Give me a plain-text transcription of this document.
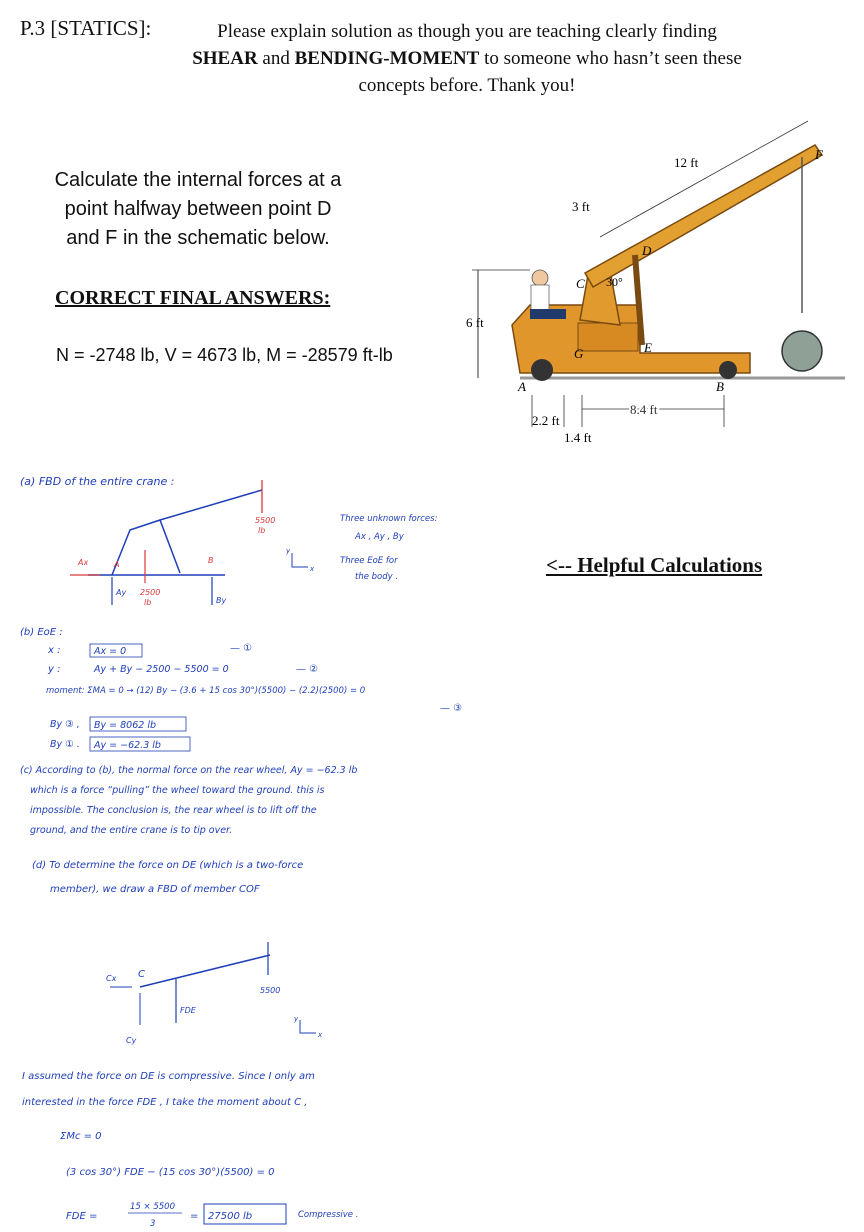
P.3 [STATICS]:	Please explain solution as though you are teaching clearly finding
SHEAR and BENDING-MOMENT to someone who hasn’t seen these
concepts before. Thank you!
Calculate the internal forces at a
point halfway between point D
and F in the schematic below.
CORRECT FINAL ANSWERS:
N = -2748 lb, V = 4673 lb, M = -28579 ft-lb
<-- Helpful Calculations
6 ft
12 ft
3 ft
F
D
C
E
G
A	B
30°
2.2 ft
1.4 ft
8.4 ft
(a) FBD of the entire crane :
5500
lb
Ax	A
Ay 2500
lb
B
By
y
x
Three unknown forces:
Ax , Ay , By
Three EoE for
the body .
(b) EoE :
x :	Ax = 0	— ①
y :	Ay + By − 2500 − 5500 = 0	— ②
moment: ΣMA = 0 → (12) By − (3.6 + 15 cos 30°)(5500) − (2.2)(2500) = 0
— ③
By ③ , By = 8062 lb
By ① . Ay = −62.3 lb
(c) According to (b), the normal force on the rear wheel, Ay = −62.3 lb
which is a force “pulling” the wheel toward the ground. this is
impossible. The conclusion is, the rear wheel is to lift off the
ground, and the entire crane is to tip over.
(d) To determine the force on DE (which is a two-force
member), we draw a FBD of member COF
Cx C
Cy
FDE
5500
y
x
I assumed the force on DE is compressive. Since I only am
interested in the force FDE , I take the moment about C ,
ΣMc = 0
(3 cos 30°) FDE − (15 cos 30°)(5500) = 0
FDE =
15 × 5500
3
= 27500 lb	Compressive .
